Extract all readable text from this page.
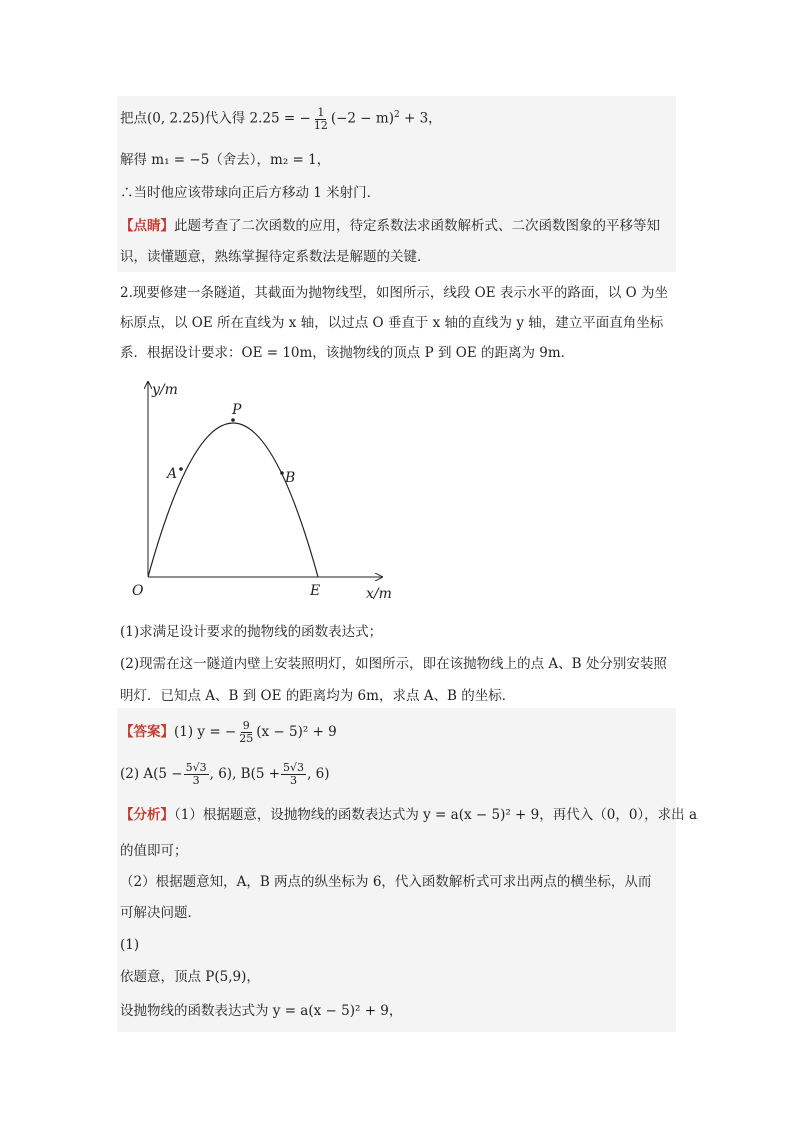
把点(0, 2.25)代入得 2.25 = − $\frac{1}{12} (-2 - m)^2 + 3$，
解得 m₁ = −5（舍去），m₂ = 1，
∴当时他应该带球向正后方移动 1 米射门．
【点睛】此题考查了二次函数的应用，待定系数法求函数解析式、二次函数图象的平移等知
识，读懂题意，熟练掌握待定系数法是解题的关键．
2.现要修建一条隧道，其截面为抛物线型，如图所示，线段 OE 表示水平的路面，以 O 为坐
标原点，以 OE 所在直线为 x 轴，以过点 O 垂直于 x 轴的直线为 y 轴，建立平面直角坐标
系．根据设计要求：OE = 10m，该抛物线的顶点 P 到 OE 的距离为 9m．
y/m
x/m
O
P
A	B
E
(1)求满足设计要求的抛物线的函数表达式；
(2)现需在这一隧道内壁上安装照明灯，如图所示，即在该抛物线上的点 A、B 处分别安装照
明灯．已知点 A、B 到 OE 的距离均为 6m，求点 A、B 的坐标．
【答案】(1) y = − $\frac{9}{25} (x - 5)^2 + 9$
(2) $A(5 - \frac{5√3}{3}$ , 6), $B(5 + \frac{5√3}{3}$ , 6)
【分析】（1）根据题意，设抛物线的函数表达式为 y = a(x − 5)² + 9，再代入（0，0），求出 a
的值即可；
（2）根据题意知，A，B 两点的纵坐标为 6，代入函数解析式可求出两点的横坐标，从而
可解决问题．
(1)
依题意，顶点 P(5,9)，
设抛物线的函数表达式为 y = a(x − 5)² + 9，
